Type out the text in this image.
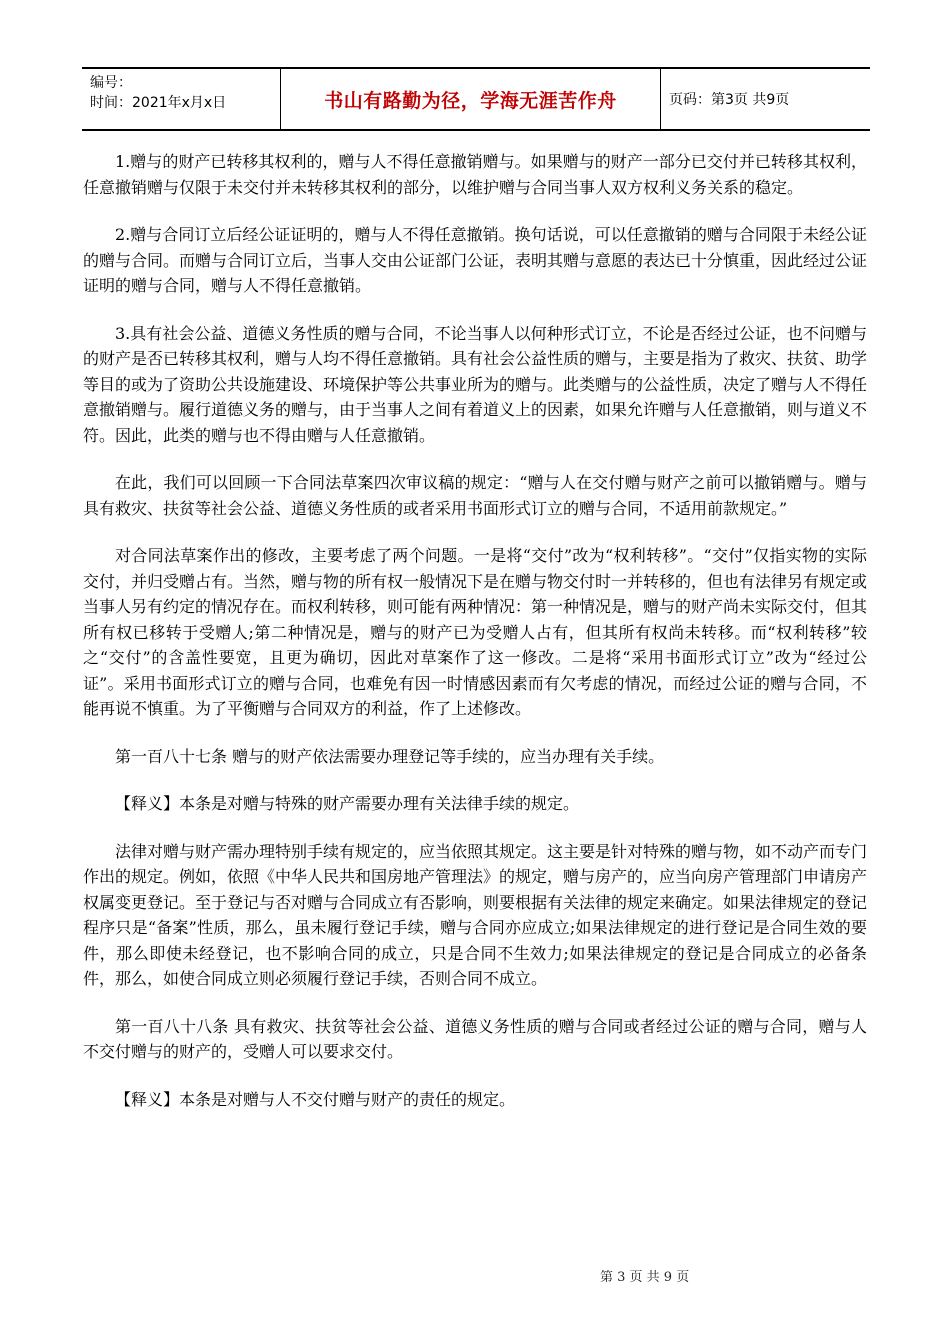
编号：
时间：2021年x月x日	书山有路勤为径，学海无涯苦作舟	页码：第3页 共9页

1.赠与的财产已转移其权利的，赠与人不得任意撤销赠与。如果赠与的财产一部分已交付并已转移其权利，任意撤销赠与仅限于未交付并未转移其权利的部分，以维护赠与合同当事人双方权利义务关系的稳定。

2.赠与合同订立后经公证证明的，赠与人不得任意撤销。换句话说，可以任意撤销的赠与合同限于未经公证的赠与合同。而赠与合同订立后，当事人交由公证部门公证，表明其赠与意愿的表达已十分慎重，因此经过公证证明的赠与合同，赠与人不得任意撤销。

3.具有社会公益、道德义务性质的赠与合同，不论当事人以何种形式订立，不论是否经过公证，也不问赠与的财产是否已转移其权利，赠与人均不得任意撤销。具有社会公益性质的赠与，主要是指为了救灾、扶贫、助学等目的或为了资助公共设施建设、环境保护等公共事业所为的赠与。此类赠与的公益性质，决定了赠与人不得任意撤销赠与。履行道德义务的赠与，由于当事人之间有着道义上的因素，如果允许赠与人任意撤销，则与道义不符。因此，此类的赠与也不得由赠与人任意撤销。

在此，我们可以回顾一下合同法草案四次审议稿的规定：“赠与人在交付赠与财产之前可以撤销赠与。赠与具有救灾、扶贫等社会公益、道德义务性质的或者采用书面形式订立的赠与合同，不适用前款规定。”

对合同法草案作出的修改，主要考虑了两个问题。一是将“交付”改为“权利转移”。“交付”仅指实物的实际交付，并归受赠占有。当然，赠与物的所有权一般情况下是在赠与物交付时一并转移的，但也有法律另有规定或当事人另有约定的情况存在。而权利转移，则可能有两种情况：第一种情况是，赠与的财产尚未实际交付，但其所有权已移转于受赠人;第二种情况是，赠与的财产已为受赠人占有，但其所有权尚未转移。而“权利转移”较之“交付”的含盖性要宽，且更为确切，因此对草案作了这一修改。二是将“采用书面形式订立”改为“经过公证”。采用书面形式订立的赠与合同，也难免有因一时情感因素而有欠考虑的情况，而经过公证的赠与合同，不能再说不慎重。为了平衡赠与合同双方的利益，作了上述修改。

第一百八十七条 赠与的财产依法需要办理登记等手续的，应当办理有关手续。

【释义】本条是对赠与特殊的财产需要办理有关法律手续的规定。

法律对赠与财产需办理特别手续有规定的，应当依照其规定。这主要是针对特殊的赠与物，如不动产而专门作出的规定。例如，依照《中华人民共和国房地产管理法》的规定，赠与房产的，应当向房产管理部门申请房产权属变更登记。至于登记与否对赠与合同成立有否影响，则要根据有关法律的规定来确定。如果法律规定的登记程序只是“备案”性质，那么，虽未履行登记手续，赠与合同亦应成立;如果法律规定的进行登记是合同生效的要件，那么即使未经登记，也不影响合同的成立，只是合同不生效力;如果法律规定的登记是合同成立的必备条件，那么，如使合同成立则必须履行登记手续，否则合同不成立。

第一百八十八条 具有救灾、扶贫等社会公益、道德义务性质的赠与合同或者经过公证的赠与合同，赠与人不交付赠与的财产的，受赠人可以要求交付。

【释义】本条是对赠与人不交付赠与财产的责任的规定。

第 3 页 共 9 页
